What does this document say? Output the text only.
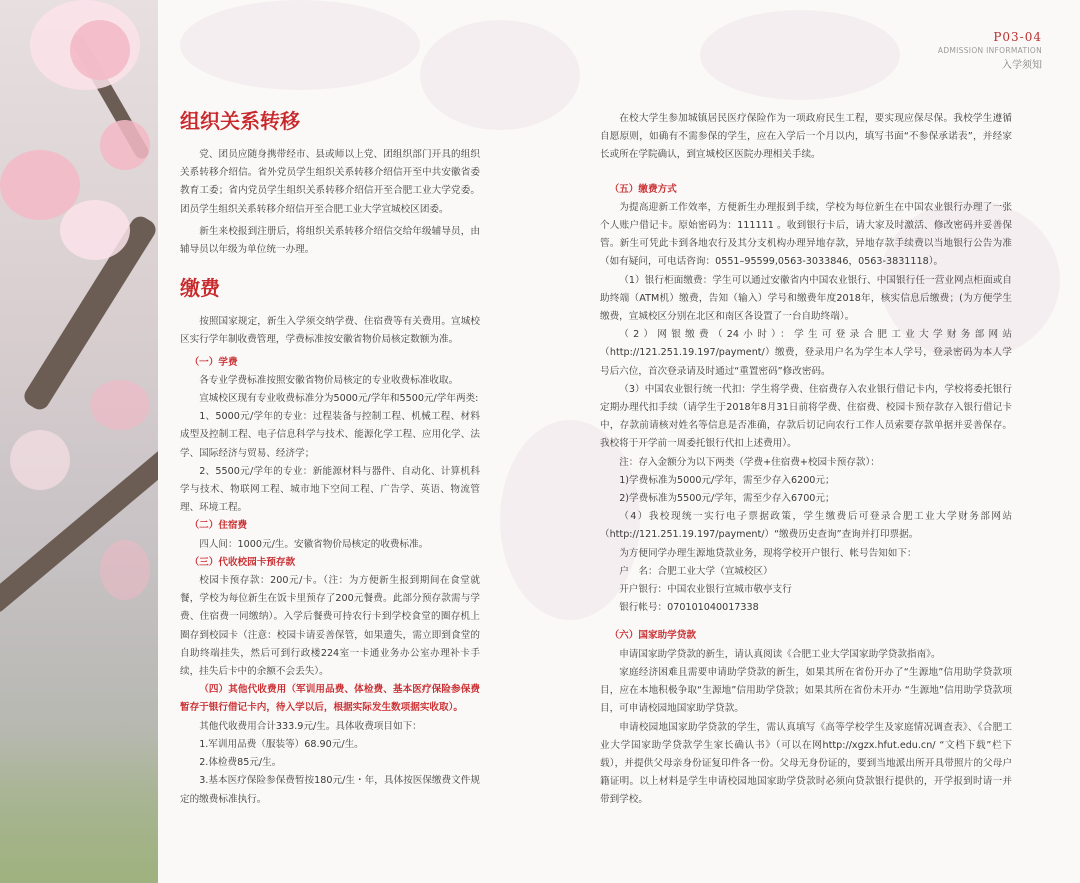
P03-04
ADMISSION INFORMATION
入学须知

组织关系转移

党、团员应随身携带经市、县或师以上党、团组织部门开具的组织关系转移介绍信。省外党员学生组织关系转移介绍信开至中共安徽省委教育工委；省内党员学生组织关系转移介绍信开至合肥工业大学党委。团员学生组织关系转移介绍信开至合肥工业大学宣城校区团委。

新生来校报到注册后，将组织关系转移介绍信交给年级辅导员，由辅导员以年级为单位统一办理。

缴费

按照国家规定，新生入学须交纳学费、住宿费等有关费用。宣城校区实行学年制收费管理，学费标准按安徽省物价局核定数额为准。

（一）学费

各专业学费标准按照安徽省物价局核定的专业收费标准收取。

宣城校区现有专业收费标准分为5000元/学年和5500元/学年两类:

1、5000元/学年的专业：过程装备与控制工程、机械工程、材料成型及控制工程、电子信息科学与技术、能源化学工程、应用化学、法学、国际经济与贸易、经济学；

2、5500元/学年的专业：新能源材料与器件、自动化、计算机科学与技术、物联网工程、城市地下空间工程、广告学、英语、物流管理、环境工程。

（二）住宿费

四人间：1000元/生。安徽省物价局核定的收费标准。

（三）代收校园卡预存款

校园卡预存款：200元/卡。（注：为方便新生报到期间在食堂就餐，学校为每位新生在饭卡里预存了200元餐费。此部分预存款需与学费、住宿费一同缴纳）。入学后餐费可持农行卡到学校食堂的圈存机上圈存到校园卡（注意：校园卡请妥善保管，如果遗失，需立即到食堂的自助终端挂失，然后可到行政楼224室一卡通业务办公室办理补卡手续，挂失后卡中的余额不会丢失）。

（四）其他代收费用（军训用品费、体检费、基本医疗保险参保费暂存于银行借记卡内，待入学以后，根据实际发生数项据实收取）。

其他代收费用合计333.9元/生。具体收费项目如下：

1.军训用品费（服装等）68.90元/生。

2.体检费85元/生。

3.基本医疗保险参保费暂按180元/生・年，具体按医保缴费文件规定的缴费标准执行。

在校大学生参加城镇居民医疗保险作为一项政府民生工程，要实现应保尽保。我校学生遵循自愿原则，如确有不需参保的学生，应在入学后一个月以内，填写书面“不参保承诺表”，并经家长或所在学院确认，到宣城校区医院办理相关手续。

（五）缴费方式

为提高迎新工作效率，方便新生办理报到手续，学校为每位新生在中国农业银行办理了一张个人账户借记卡。原始密码为：111111 。收到银行卡后，请大家及时激活、修改密码并妥善保管。新生可凭此卡到各地农行及其分支机构办理异地存款，异地存款手续费以当地银行公告为准（如有疑问，可电话咨询：0551–95599,0563-3033846，0563-3831118）。

（1）银行柜面缴费：学生可以通过安徽省内中国农业银行、中国银行任一营业网点柜面或自助终端（ATM机）缴费，告知（输入）学号和缴费年度2018年，核实信息后缴费；(为方便学生缴费，宣城校区分别在北区和南区各设置了一台自助终端）。

（2）网银缴费（24小时）：学生可登录合肥工业大学财务部网站（http://121.251.19.197/payment/）缴费，登录用户名为学生本人学号，登录密码为本人学号后六位，首次登录请及时通过“重置密码”修改密码。

（3）中国农业银行统一代扣：学生将学费、住宿费存入农业银行借记卡内，学校将委托银行定期办理代扣手续（请学生于2018年8月31日前将学费、住宿费、校园卡预存款存入银行借记卡中，存款前请核对姓名等信息是否准确，存款后切记向农行工作人员索要存款单据并妥善保存。我校将于开学前一周委托银行代扣上述费用）。

注：存入金额分为以下两类（学费+住宿费+校园卡预存款）：

1)学费标准为5000元/学年，需至少存入6200元；

2)学费标准为5500元/学年，需至少存入6700元；

（4）我校现统一实行电子票据政策，学生缴费后可登录合肥工业大学财务部网站（http://121.251.19.197/payment/）“缴费历史查询”查询并打印票据。

为方便同学办理生源地贷款业务，现将学校开户银行、帐号告知如下：

户　名：合肥工业大学（宣城校区）

开户银行：中国农业银行宣城市敬亭支行

银行帐号：070101040017338

（六）国家助学贷款

申请国家助学贷款的新生，请认真阅读《合肥工业大学国家助学贷款指南》。

家庭经济困难且需要申请助学贷款的新生，如果其所在省份开办了“生源地”信用助学贷款项目，应在本地积极争取“生源地”信用助学贷款；如果其所在省份未开办 “生源地”信用助学贷款项目，可申请校园地国家助学贷款。

申请校园地国家助学贷款的学生，需认真填写《高等学校学生及家庭情况调查表》、《合肥工业大学国家助学贷款学生家长确认书》（可以在网http://xgzx.hfut.edu.cn/ “文档下载”栏下载），并提供父母亲身份证复印件各一份。父母无身份证的，要到当地派出所开具带照片的父母户籍证明。以上材料是学生申请校园地国家助学贷款时必须向贷款银行提供的，开学报到时请一并带到学校。
